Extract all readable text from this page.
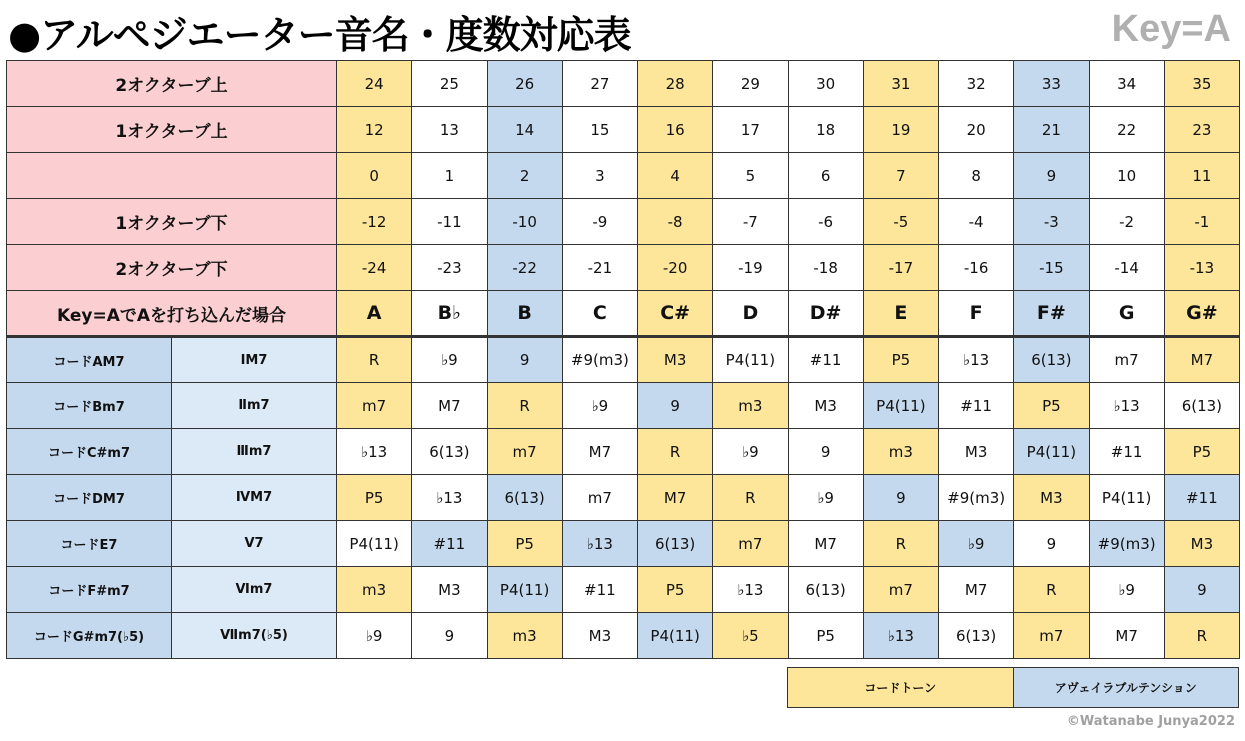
●アルペジエーター音名・度数対応表	Key=A
2オクターブ上		24	25	26	27	28	29	30	31	32	33	34	35
1オクターブ上		12	13	14	15	16	17	18	19	20	21	22	23
		0	1	2	3	4	5	6	7	8	9	10	11
1オクターブ下		-12	-11	-10	-9	-8	-7	-6	-5	-4	-3	-2	-1
2オクターブ下		-24	-23	-22	-21	-20	-19	-18	-17	-16	-15	-14	-13
Key=AでAを打ち込んだ場合		A	B♭	B	C	C#	D	D#	E	F	F#	G	G#
コードAM7	ⅠM7	R	♭9	9	#9(m3)	M3	P4(11)	#11	P5	♭13	6(13)	m7	M7
コードBm7	Ⅱm7	m7	M7	R	♭9	9	m3	M3	P4(11)	#11	P5	♭13	6(13)
コードC#m7	Ⅲm7	♭13	6(13)	m7	M7	R	♭9	9	m3	M3	P4(11)	#11	P5
コードDM7	ⅣM7	P5	♭13	6(13)	m7	M7	R	♭9	9	#9(m3)	M3	P4(11)	#11
コードE7	Ⅴ7	P4(11)	#11	P5	♭13	6(13)	m7	M7	R	♭9	9	#9(m3)	M3
コードF#m7	Ⅵm7	m3	M3	P4(11)	#11	P5	♭13	6(13)	m7	M7	R	♭9	9
コードG#m7(♭5)	Ⅶm7(♭5)	♭9	9	m3	M3	P4(11)	♭5	P5	♭13	6(13)	m7	M7	R
コードトーン	アヴェイラブルテンション
©Watanabe Junya2022
